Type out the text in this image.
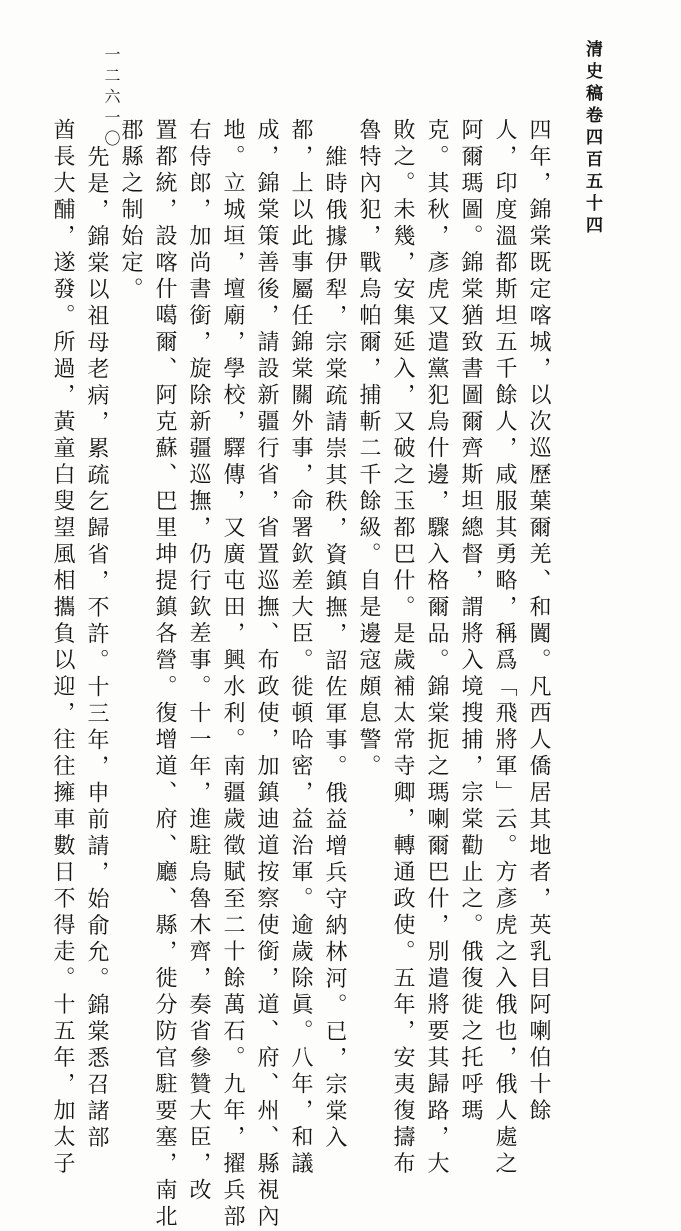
清史稿卷四百五十四
一二六一〇
四年，錦棠既定喀城，以次巡歷葉爾羌、和闐。凡西人僑居其地者，英乳目阿喇伯十餘
人，印度溫都斯坦五千餘人，咸服其勇略，稱爲「飛將軍」云。方彥虎之入俄也，俄人處之
阿爾瑪圖。錦棠猶致書圖爾齊斯坦總督，謂將入境搜捕，宗棠勸止之。俄復徙之托呼瑪
克。其秋，彥虎又遣黨犯烏什邊，驟入格爾品。錦棠扼之瑪喇爾巴什，別遣將要其歸路，大
敗之。未幾，安集延入，又破之玉都巴什。是歲補太常寺卿，轉通政使。五年，安夷復擣布
魯特內犯，戰烏帕爾，捕斬二千餘級。自是邊寇頗息警。
維時俄據伊犁，宗棠疏請崇其秩，資鎮撫，詔佐軍事。俄益增兵守納林河。已，宗棠入
都，上以此事屬任錦棠關外事，命署欽差大臣。徙頓哈密，益治軍。逾歲除眞。八年，和議
成，錦棠策善後，請設新疆行省，省置巡撫、布政使，加鎮迪道按察使銜，道、府、州、縣視內
地。立城垣，壇廟，學校，驛傳，又廣屯田，興水利。南疆歲徵賦至二十餘萬石。九年，擢兵部
右侍郎，加尚書銜，旋除新疆巡撫，仍行欽差事。十一年，進駐烏魯木齊，奏省參贊大臣，改
置都統，設喀什噶爾、阿克蘇、巴里坤提鎮各營。復增道、府、廳、縣，徙分防官駐要塞，南北
郡縣之制始定。
先是，錦棠以祖母老病，累疏乞歸省，不許。十三年，申前請，始俞允。錦棠悉召諸部
酋長大酺，遂發。所過，黃童白叟望風相攜負以迎，往往擁車數日不得走。十五年，加太子
